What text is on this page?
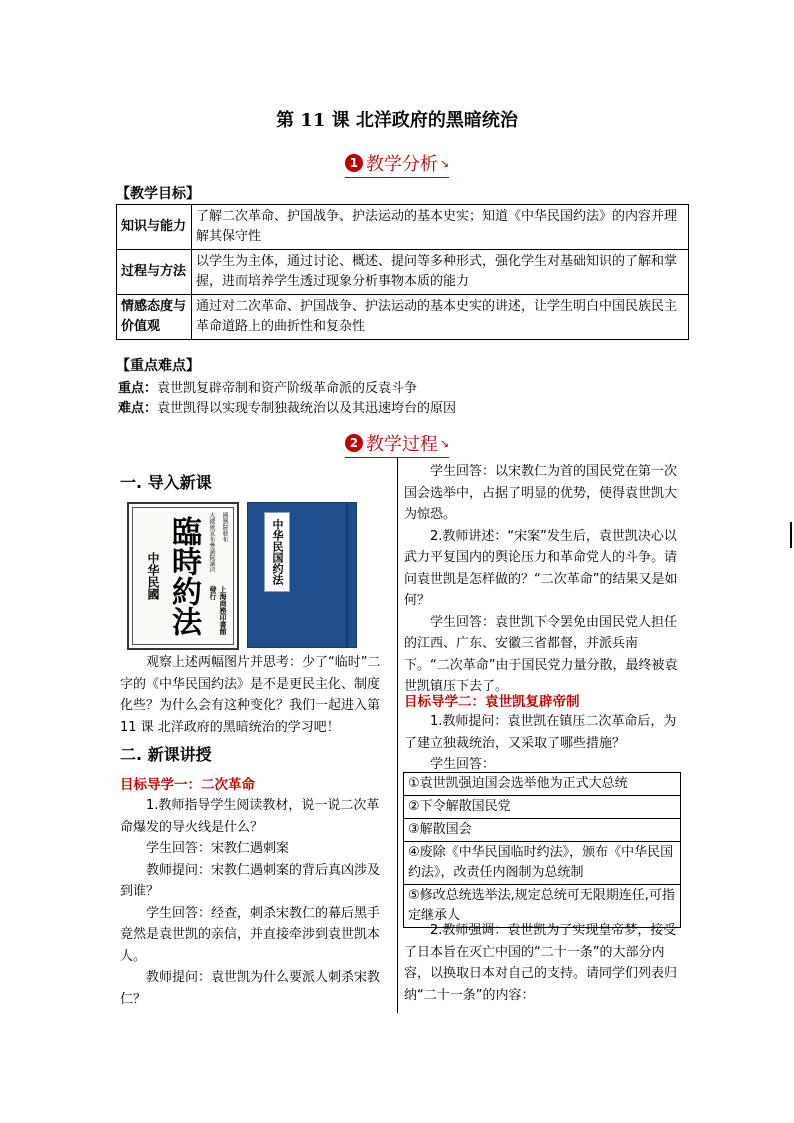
第 11 课 北洋政府的黑暗统治
1 教学分析 ↘
【教学目标】
知识与能力	了解二次革命、护国战争、护法运动的基本史实；知道《中华民国约法》的内容并理解其保守性
过程与方法	以学生为主体，通过讨论、概述、提问等多种形式，强化学生对基础知识的了解和掌握，进而培养学生透过现象分析事物本质的能力
情感态度与价值观	通过对二次革命、护国战争、护法运动的基本史实的讲述，让学生明白中国民族民主革命道路上的曲折性和复杂性
【重点难点】
重点：袁世凯复辟帝制和资产阶级革命派的反袁斗争
难点：袁世凯得以实现专制独裁统治以及其迅速垮台的原因
2 教学过程 ↘
一. 导入新课
中华民國 臨時約法	大總統宣布參議院議決	國務院發布
上海商務印書館發行
中华民国约法

观察上述两幅图片并思考：少了“临时”二字的《中华民国约法》是不是更民主化、制度化些？为什么会有这种变化？我们一起进入第 11 课 北洋政府的黑暗统治的学习吧！

二. 新课讲授
目标导学一：二次革命

1.教师指导学生阅读教材，说一说二次革命爆发的导火线是什么？

学生回答：宋教仁遇刺案

教师提问：宋教仁遇刺案的背后真凶涉及到谁？

学生回答：经查，刺杀宋教仁的幕后黑手竟然是袁世凯的亲信，并直接牵涉到袁世凯本人。

教师提问：袁世凯为什么要派人刺杀宋教仁？

学生回答：以宋教仁为首的国民党在第一次国会选举中，占据了明显的优势，使得袁世凯大为惊恐。

2.教师讲述：“宋案”发生后，袁世凯决心以武力平复国内的舆论压力和革命党人的斗争。请问袁世凯是怎样做的？“二次革命”的结果又是如何？

学生回答：袁世凯下令罢免由国民党人担任的江西、广东、安徽三省都督，并派兵南下。“二次革命”由于国民党力量分散，最终被袁世凯镇压下去了。

目标导学二：袁世凯复辟帝制

1.教师提问：袁世凯在镇压二次革命后，为了建立独裁统治，又采取了哪些措施？

学生回答：

①袁世凯强迫国会选举他为正式大总统
②下令解散国民党
③解散国会
④废除《中华民国临时约法》，颁布《中华民国约法》，改责任内阁制为总统制
⑤修改总统选举法,规定总统可无限期连任,可指定继承人

2.教师强调：袁世凯为了实现皇帝梦，接受了日本旨在灭亡中国的“二十一条”的大部分内容，以换取日本对自己的支持。请同学们列表归纳“二十一条”的内容：
